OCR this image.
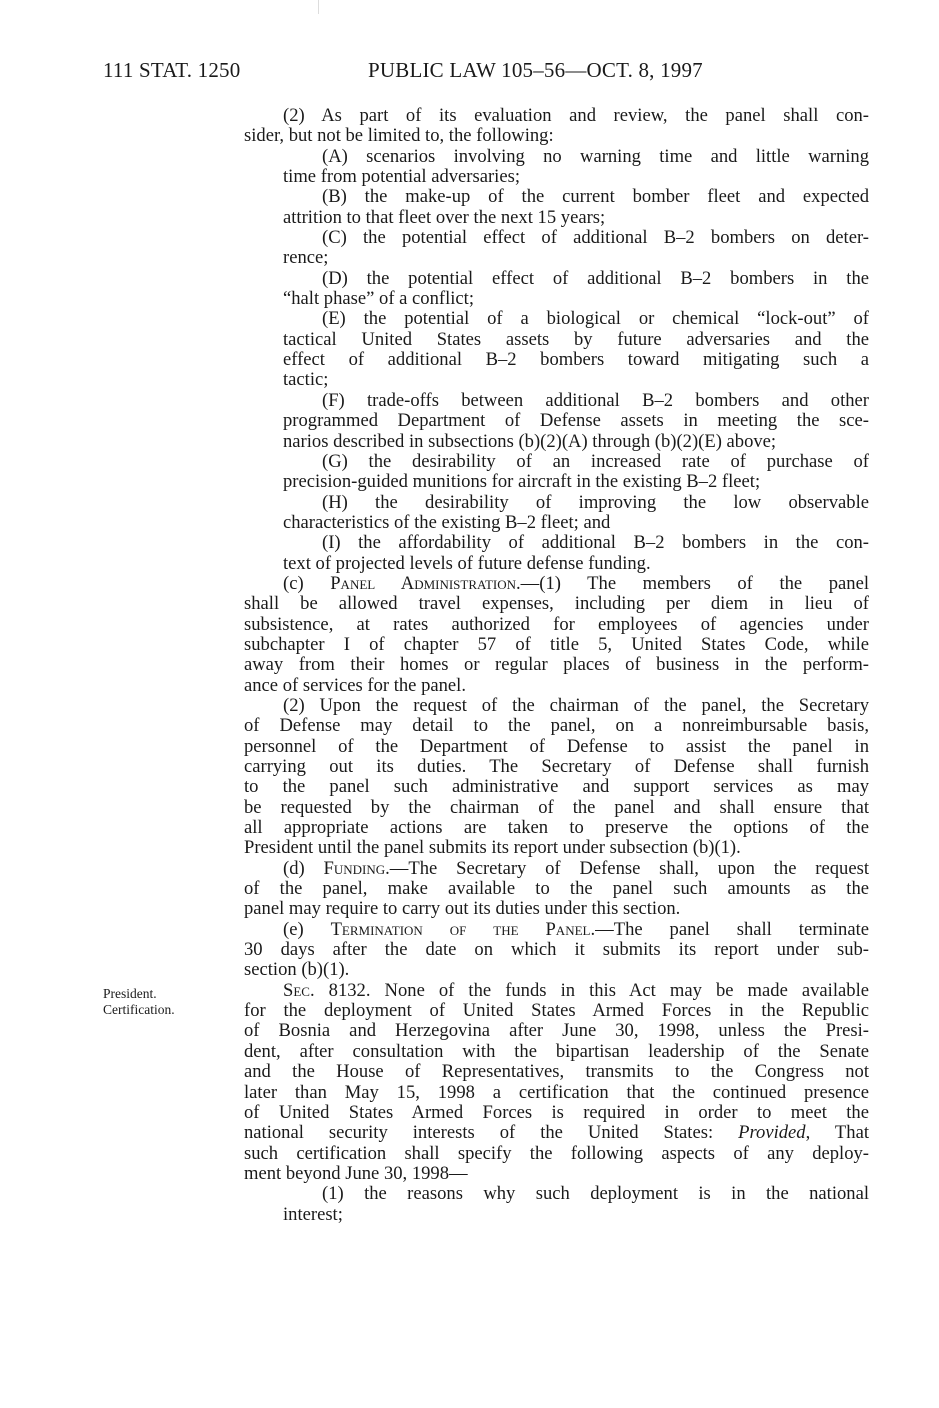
111 STAT. 1250	PUBLIC LAW 105–56—OCT. 8, 1997
President.
Certification.
(2) As part of its evaluation and review, the panel shall con-
sider, but not be limited to, the following:
(A) scenarios involving no warning time and little warning
time from potential adversaries;
(B) the make-up of the current bomber fleet and expected
attrition to that fleet over the next 15 years;
(C) the potential effect of additional B–2 bombers on deter-
rence;
(D) the potential effect of additional B–2 bombers in the
“halt phase” of a conflict;
(E) the potential of a biological or chemical “lock-out” of
tactical United States assets by future adversaries and the
effect of additional B–2 bombers toward mitigating such a
tactic;
(F) trade-offs between additional B–2 bombers and other
programmed Department of Defense assets in meeting the sce-
narios described in subsections (b)(2)(A) through (b)(2)(E) above;
(G) the desirability of an increased rate of purchase of
precision-guided munitions for aircraft in the existing B–2 fleet;
(H) the desirability of improving the low observable
characteristics of the existing B–2 fleet; and
(I) the affordability of additional B–2 bombers in the con-
text of projected levels of future defense funding.
(c) Panel Administration.—(1) The members of the panel
shall be allowed travel expenses, including per diem in lieu of
subsistence, at rates authorized for employees of agencies under
subchapter I of chapter 57 of title 5, United States Code, while
away from their homes or regular places of business in the perform-
ance of services for the panel.
(2) Upon the request of the chairman of the panel, the Secretary
of Defense may detail to the panel, on a nonreimbursable basis,
personnel of the Department of Defense to assist the panel in
carrying out its duties. The Secretary of Defense shall furnish
to the panel such administrative and support services as may
be requested by the chairman of the panel and shall ensure that
all appropriate actions are taken to preserve the options of the
President until the panel submits its report under subsection (b)(1).
(d) Funding.—The Secretary of Defense shall, upon the request
of the panel, make available to the panel such amounts as the
panel may require to carry out its duties under this section.
(e) Termination of the Panel.—The panel shall terminate
30 days after the date on which it submits its report under sub-
section (b)(1).
Sec. 8132. None of the funds in this Act may be made available
for the deployment of United States Armed Forces in the Republic
of Bosnia and Herzegovina after June 30, 1998, unless the Presi-
dent, after consultation with the bipartisan leadership of the Senate
and the House of Representatives, transmits to the Congress not
later than May 15, 1998 a certification that the continued presence
of United States Armed Forces is required in order to meet the
national security interests of the United States: Provided, That
such certification shall specify the following aspects of any deploy-
ment beyond June 30, 1998—
(1) the reasons why such deployment is in the national
interest;
